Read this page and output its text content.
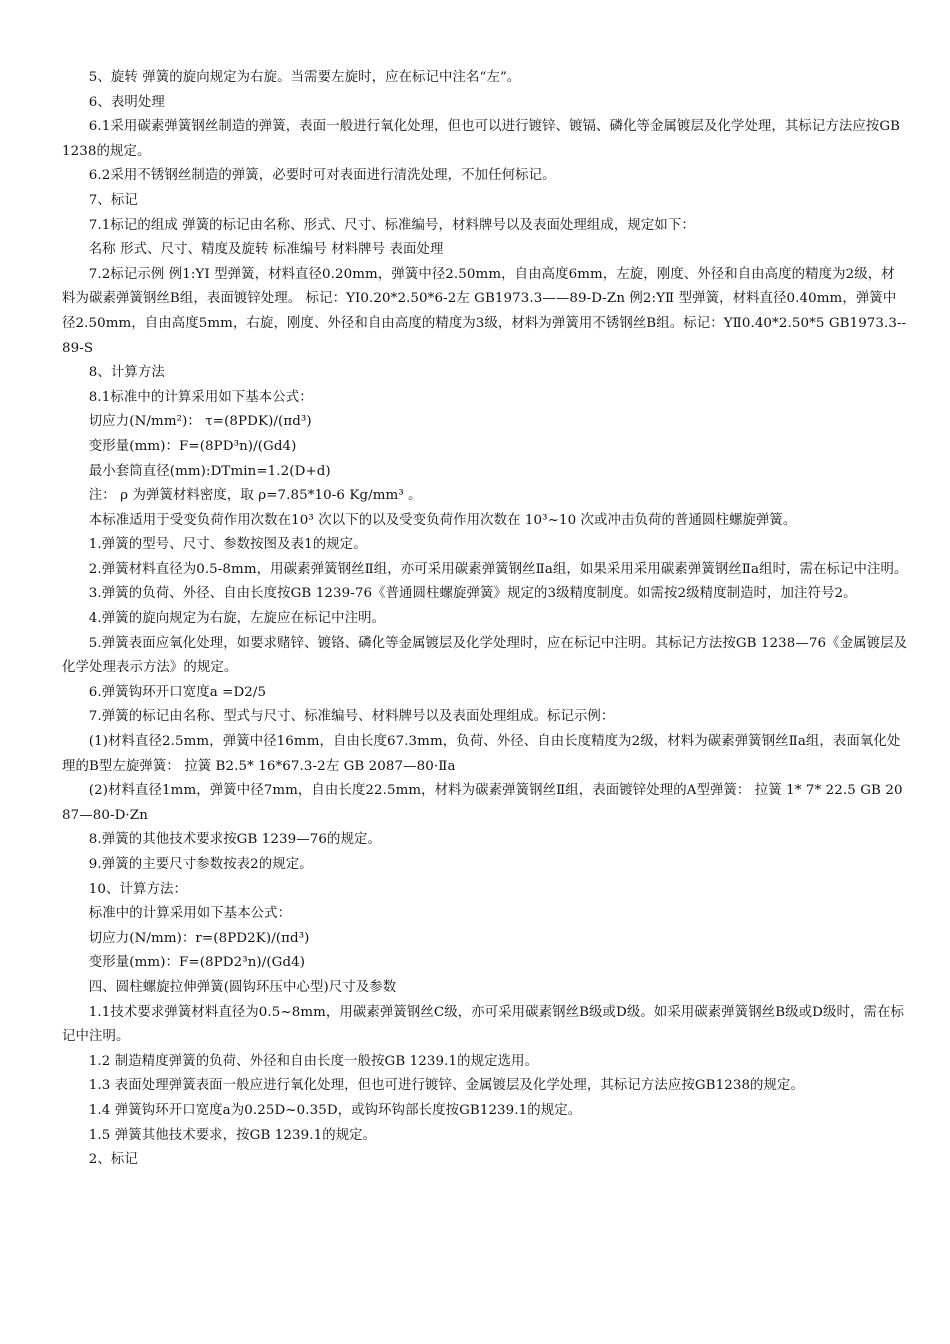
5、旋转 弹簧的旋向规定为右旋。当需要左旋时，应在标记中注名“左”。

6、表明处理

6.1采用碳素弹簧钢丝制造的弹簧，表面一般进行氧化处理，但也可以进行镀锌、镀镉、磷化等金属镀层及化学处理，其标记方法应按GB1238的规定。

6.2采用不锈钢丝制造的弹簧，必要时可对表面进行清洗处理，不加任何标记。

7、标记

7.1标记的组成 弹簧的标记由名称、形式、尺寸、标准编号，材料牌号以及表面处理组成，规定如下：

名称 形式、尺寸、精度及旋转 标准编号 材料牌号 表面处理

7.2标记示例 例1:YⅠ 型弹簧，材料直径0.20mm，弹簧中径2.50mm，自由高度6mm，左旋，刚度、外径和自由高度的精度为2级，材料为碳素弹簧钢丝B组，表面镀锌处理。 标记：YⅠ0.20*2.50*6-2左 GB1973.3——89-D-Zn 例2:YⅡ 型弹簧，材料直径0.40mm，弹簧中径2.50mm，自由高度5mm，右旋，刚度、外径和自由高度的精度为3级，材料为弹簧用不锈钢丝B组。标记：YⅡ0.40*2.50*5 GB1973.3--89-S

8、计算方法

8.1标准中的计算采用如下基本公式：

切应力(N/mm²)： τ=(8PDK)/(πd³)

变形量(mm)：F=(8PD³n)/(Gd4)

最小套筒直径(mm):DTmin=1.2(D+d)

注： ρ 为弹簧材料密度，取 ρ=7.85*10-6 Kg/mm³ 。

本标准适用于受变负荷作用次数在10³ 次以下的以及受变负荷作用次数在 10³~10 次或冲击负荷的普通圆柱螺旋弹簧。

1.弹簧的型号、尺寸、参数按图及表1的规定。

2.弹簧材料直径为0.5-8mm，用碳素弹簧钢丝Ⅱ组，亦可采用碳素弹簧钢丝Ⅱa组，如果采用采用碳素弹簧钢丝Ⅱa组时，需在标记中注明。

3.弹簧的负荷、外径、自由长度按GB 1239-76《普通圆柱螺旋弹簧》规定的3级精度制度。如需按2级精度制造时，加注符号2。

4.弹簧的旋向规定为右旋，左旋应在标记中注明。

5.弹簧表面应氧化处理，如要求赌锌、镀铬、磷化等金属镀层及化学处理时，应在标记中注明。其标记方法按GB 1238—76《金属镀层及化学处理表示方法》的规定。

6.弹簧钩环开口宽度a =D2/5

7.弹簧的标记由名称、型式与尺寸、标准编号、材料牌号以及表面处理组成。标记示例：

(1)材料直径2.5mm，弹簧中径16mm，自由长度67.3mm，负荷、外径、自由长度精度为2级，材料为碳素弹簧钢丝Ⅱa组，表面氧化处理的B型左旋弹簧： 拉簧 B2.5* 16*67.3-2左 GB 2087—80·Ⅱa

(2)材料直径1mm，弹簧中径7mm，自由长度22.5mm，材料为碳素弹簧钢丝Ⅱ组，表面镀锌处理的A型弹簧： 拉簧 1* 7* 22.5 GB 2087—80-D·Zn

8.弹簧的其他技术要求按GB 1239—76的规定。

9.弹簧的主要尺寸参数按表2的规定。

10、计算方法：

标准中的计算采用如下基本公式：

切应力(N/mm)：r=(8PD2K)/(πd³)

变形量(mm)：F=(8PD2³n)/(Gd4)

四、圆柱螺旋拉伸弹簧(圆钩环压中心型)尺寸及参数

1.1技术要求弹簧材料直径为0.5~8mm，用碳素弹簧钢丝C级，亦可采用碳素钢丝B级或D级。如采用碳素弹簧钢丝B级或D级时，需在标记中注明。

1.2 制造精度弹簧的负荷、外径和自由长度一般按GB 1239.1的规定选用。

1.3 表面处理弹簧表面一般应进行氧化处理，但也可进行镀锌、金属镀层及化学处理，其标记方法应按GB1238的规定。

1.4 弹簧钩环开口宽度a为0.25D~0.35D，或钩环钩部长度按GB1239.1的规定。

1.5 弹簧其他技术要求，按GB 1239.1的规定。

2、标记
